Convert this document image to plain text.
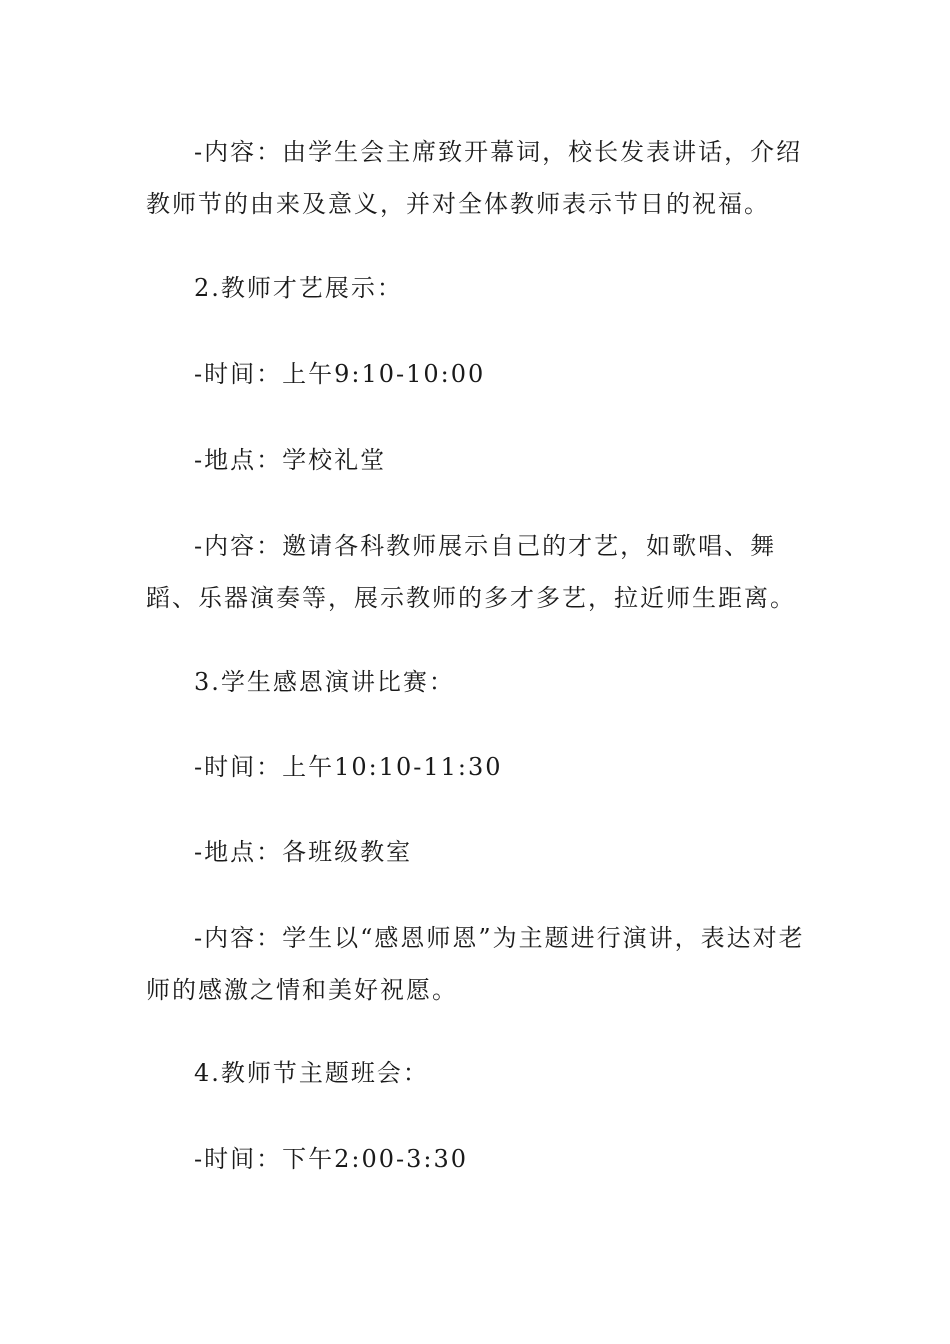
-内容：由学生会主席致开幕词，校长发表讲话，介绍教师节的由来及意义，并对全体教师表示节日的祝福。

2.教师才艺展示：

-时间：上午9:10-10:00

-地点：学校礼堂

-内容：邀请各科教师展示自己的才艺，如歌唱、舞蹈、乐器演奏等，展示教师的多才多艺，拉近师生距离。

3.学生感恩演讲比赛：

-时间：上午10:10-11:30

-地点：各班级教室

-内容：学生以“感恩师恩”为主题进行演讲，表达对老师的感激之情和美好祝愿。

4.教师节主题班会：

-时间：下午2:00-3:30
